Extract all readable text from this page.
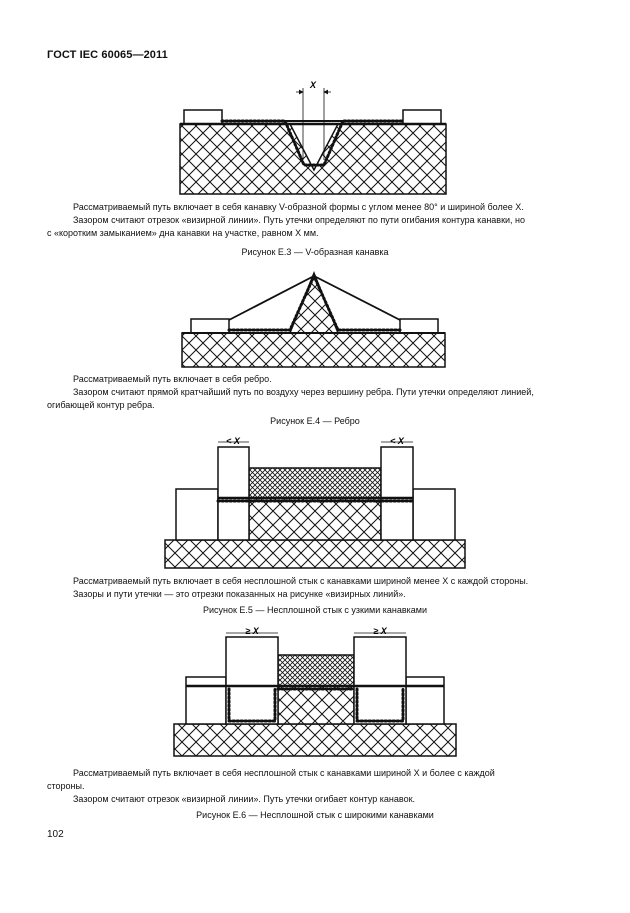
ГОСТ IEC 60065—2011
X
Рассматриваемый путь включает в себя канавку V-образной формы с углом менее 80° и шириной более X.
Зазором считают отрезок «визирной линии». Путь утечки определяют по пути огибания контура канавки, но
с «коротким замыканием» дна канавки на участке, равном X мм.
Рисунок Е.3 — V-образная канавка
Рассматриваемый путь включает в себя ребро.
Зазором считают прямой кратчайший путь по воздуху через вершину ребра. Пути утечки определяют линией,
огибающей контур ребра.
Рисунок Е.4 — Ребро
< X	< X
Рассматриваемый путь включает в себя несплошной стык с канавками шириной менее X с каждой стороны.
Зазоры и пути утечки — это отрезки показанных на рисунке «визирных линий».
Рисунок Е.5 — Несплошной стык с узкими канавками
≥ X	≥ X
Рассматриваемый путь включает в себя несплошной стык с канавками шириной X и более с каждой
стороны.
Зазором считают отрезок «визирной линии». Путь утечки огибает контур канавок.
Рисунок Е.6 — Несплошной стык с широкими канавками
102
